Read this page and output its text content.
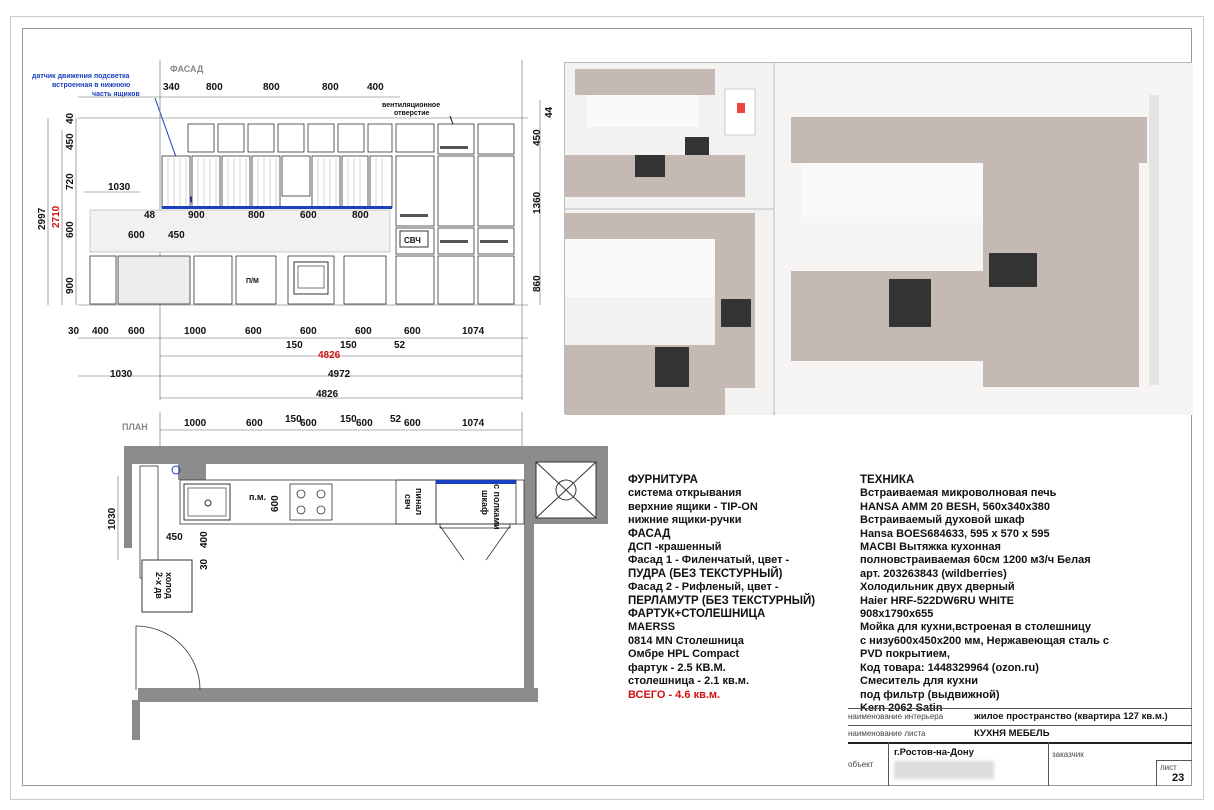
ФАСАД
ПЛАН
датчик движения подсветка
встроенная в нижнюю
часть ящиков
340	800	800	800	400
вентиляционное
отверстие
2997 2710
40
450
720
600
900
44
450
1360
860
СВЧ
П/М
1030
48	900	800	600	800
600 450
30 400 600	1000	600	600	600	600	1074
150	150	52
4826
1030	4972
4826
1000	600 150
600 150 600 52 600	1074
1030
п.м.	пинал
свч	с полками
шкаф
холод
2-х дв
450 400
30
600
ФУРНИТУРА
система открывания
верхние ящики - TIP-ON
нижние ящики-ручки
ФАСАД
ДСП -крашенный
Фасад 1 - Филенчатый, цвет -
ПУДРА (БЕЗ ТЕКСТУРНЫЙ)
Фасад 2 - Рифленый, цвет -
ПЕРЛАМУТР (БЕЗ ТЕКСТУРНЫЙ)
ФАРТУК+СТОЛЕШНИЦА
MAERSS
0814 MN Столешница
Омбре HPL Compact
фартук - 2.5 КВ.М.
столешница - 2.1 кв.м.
ВСЕГО - 4.6 кв.м.
ТЕХНИКА
Встраиваемая микроволновая печь
HANSA AMM 20 BESH, 560x340x380
Встраиваемый духовой шкаф
Hansa BOES684633, 595 x 570 x 595
MACBI Вытяжка кухонная
полновстраиваемая 60см 1200 м3/ч Белая
арт. 203263843 (wildberries)
Холодильник двух дверный
Haier HRF-522DW6RU WHITE
908x1790x655
Мойка для кухни,встроеная в столешницу
с низу600x450x200 мм, Нержавеющая сталь с
PVD покрытием,
Код товара: 1448329964 (ozon.ru)
Смеситель для кухни
под фильтр (выдвижной)
Kern 2062 Satin
наименование интерьера	жилое пространство (квартира 127 кв.м.)
наименование листа	КУХНЯ МЕБЕЛЬ
объект
г.Ростов-на-Дону	заказчик
лист
23
